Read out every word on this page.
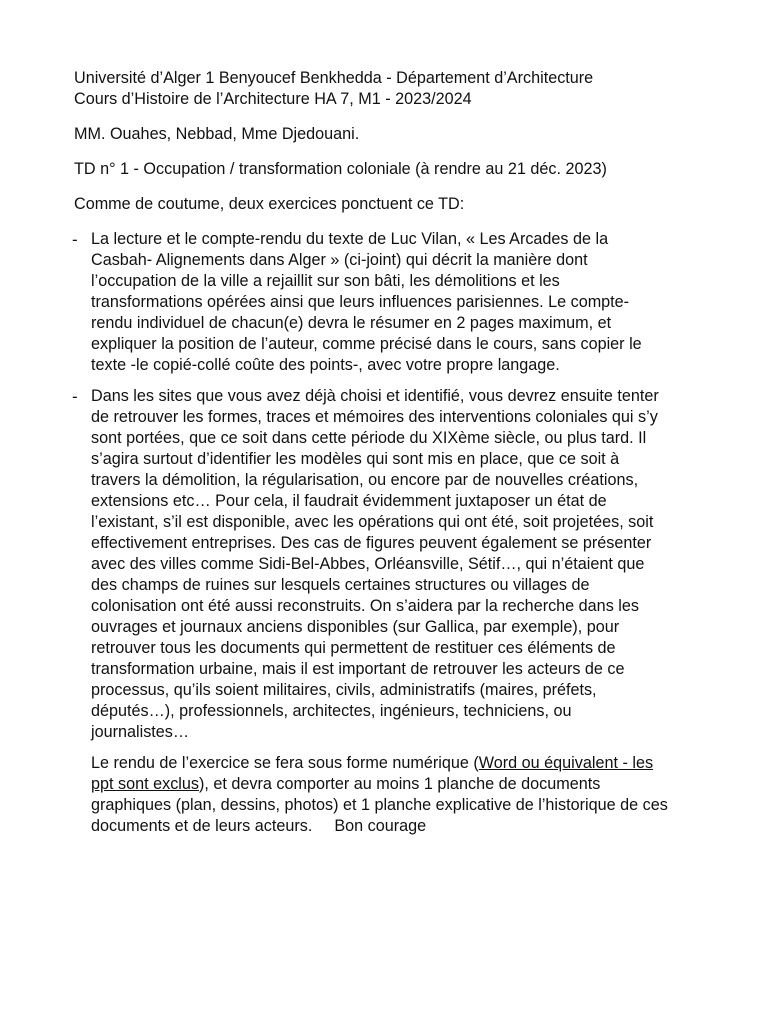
Université d’Alger 1 Benyoucef Benkhedda - Département d’Architecture
Cours d’Histoire de l’Architecture HA 7, M1 - 2023/2024
MM. Ouahes, Nebbad, Mme Djedouani.
TD n° 1 - Occupation / transformation coloniale (à rendre au 21 déc. 2023)
Comme de coutume, deux exercices ponctuent ce TD:
- La lecture et le compte-rendu du texte de Luc Vilan, « Les Arcades de la
Casbah- Alignements dans Alger » (ci-joint) qui décrit la manière dont
l’occupation de la ville a rejaillit sur son bâti, les démolitions et les
transformations opérées ainsi que leurs influences parisiennes. Le compte-
rendu individuel de chacun(e) devra le résumer en 2 pages maximum, et
expliquer la position de l’auteur, comme précisé dans le cours, sans copier le
texte -le copié-collé coûte des points-, avec votre propre langage.
- Dans les sites que vous avez déjà choisi et identifié, vous devrez ensuite tenter
de retrouver les formes, traces et mémoires des interventions coloniales qui s’y
sont portées, que ce soit dans cette période du XIXème siècle, ou plus tard. Il
s’agira surtout d’identifier les modèles qui sont mis en place, que ce soit à
travers la démolition, la régularisation, ou encore par de nouvelles créations,
extensions etc… Pour cela, il faudrait évidemment juxtaposer un état de
l’existant, s’il est disponible, avec les opérations qui ont été, soit projetées, soit
effectivement entreprises. Des cas de figures peuvent également se présenter
avec des villes comme Sidi-Bel-Abbes, Orléansville, Sétif…, qui n’étaient que
des champs de ruines sur lesquels certaines structures ou villages de
colonisation ont été aussi reconstruits. On s’aidera par la recherche dans les
ouvrages et journaux anciens disponibles (sur Gallica, par exemple), pour
retrouver tous les documents qui permettent de restituer ces éléments de
transformation urbaine, mais il est important de retrouver les acteurs de ce
processus, qu’ils soient militaires, civils, administratifs (maires, préfets,
députés…), professionnels, architectes, ingénieurs, techniciens, ou
journalistes…
Le rendu de l’exercice se fera sous forme numérique (Word ou équivalent - les
ppt sont exclus), et devra comporter au moins 1 planche de documents
graphiques (plan, dessins, photos) et 1 planche explicative de l’historique de ces
documents et de leurs acteurs. Bon courage
